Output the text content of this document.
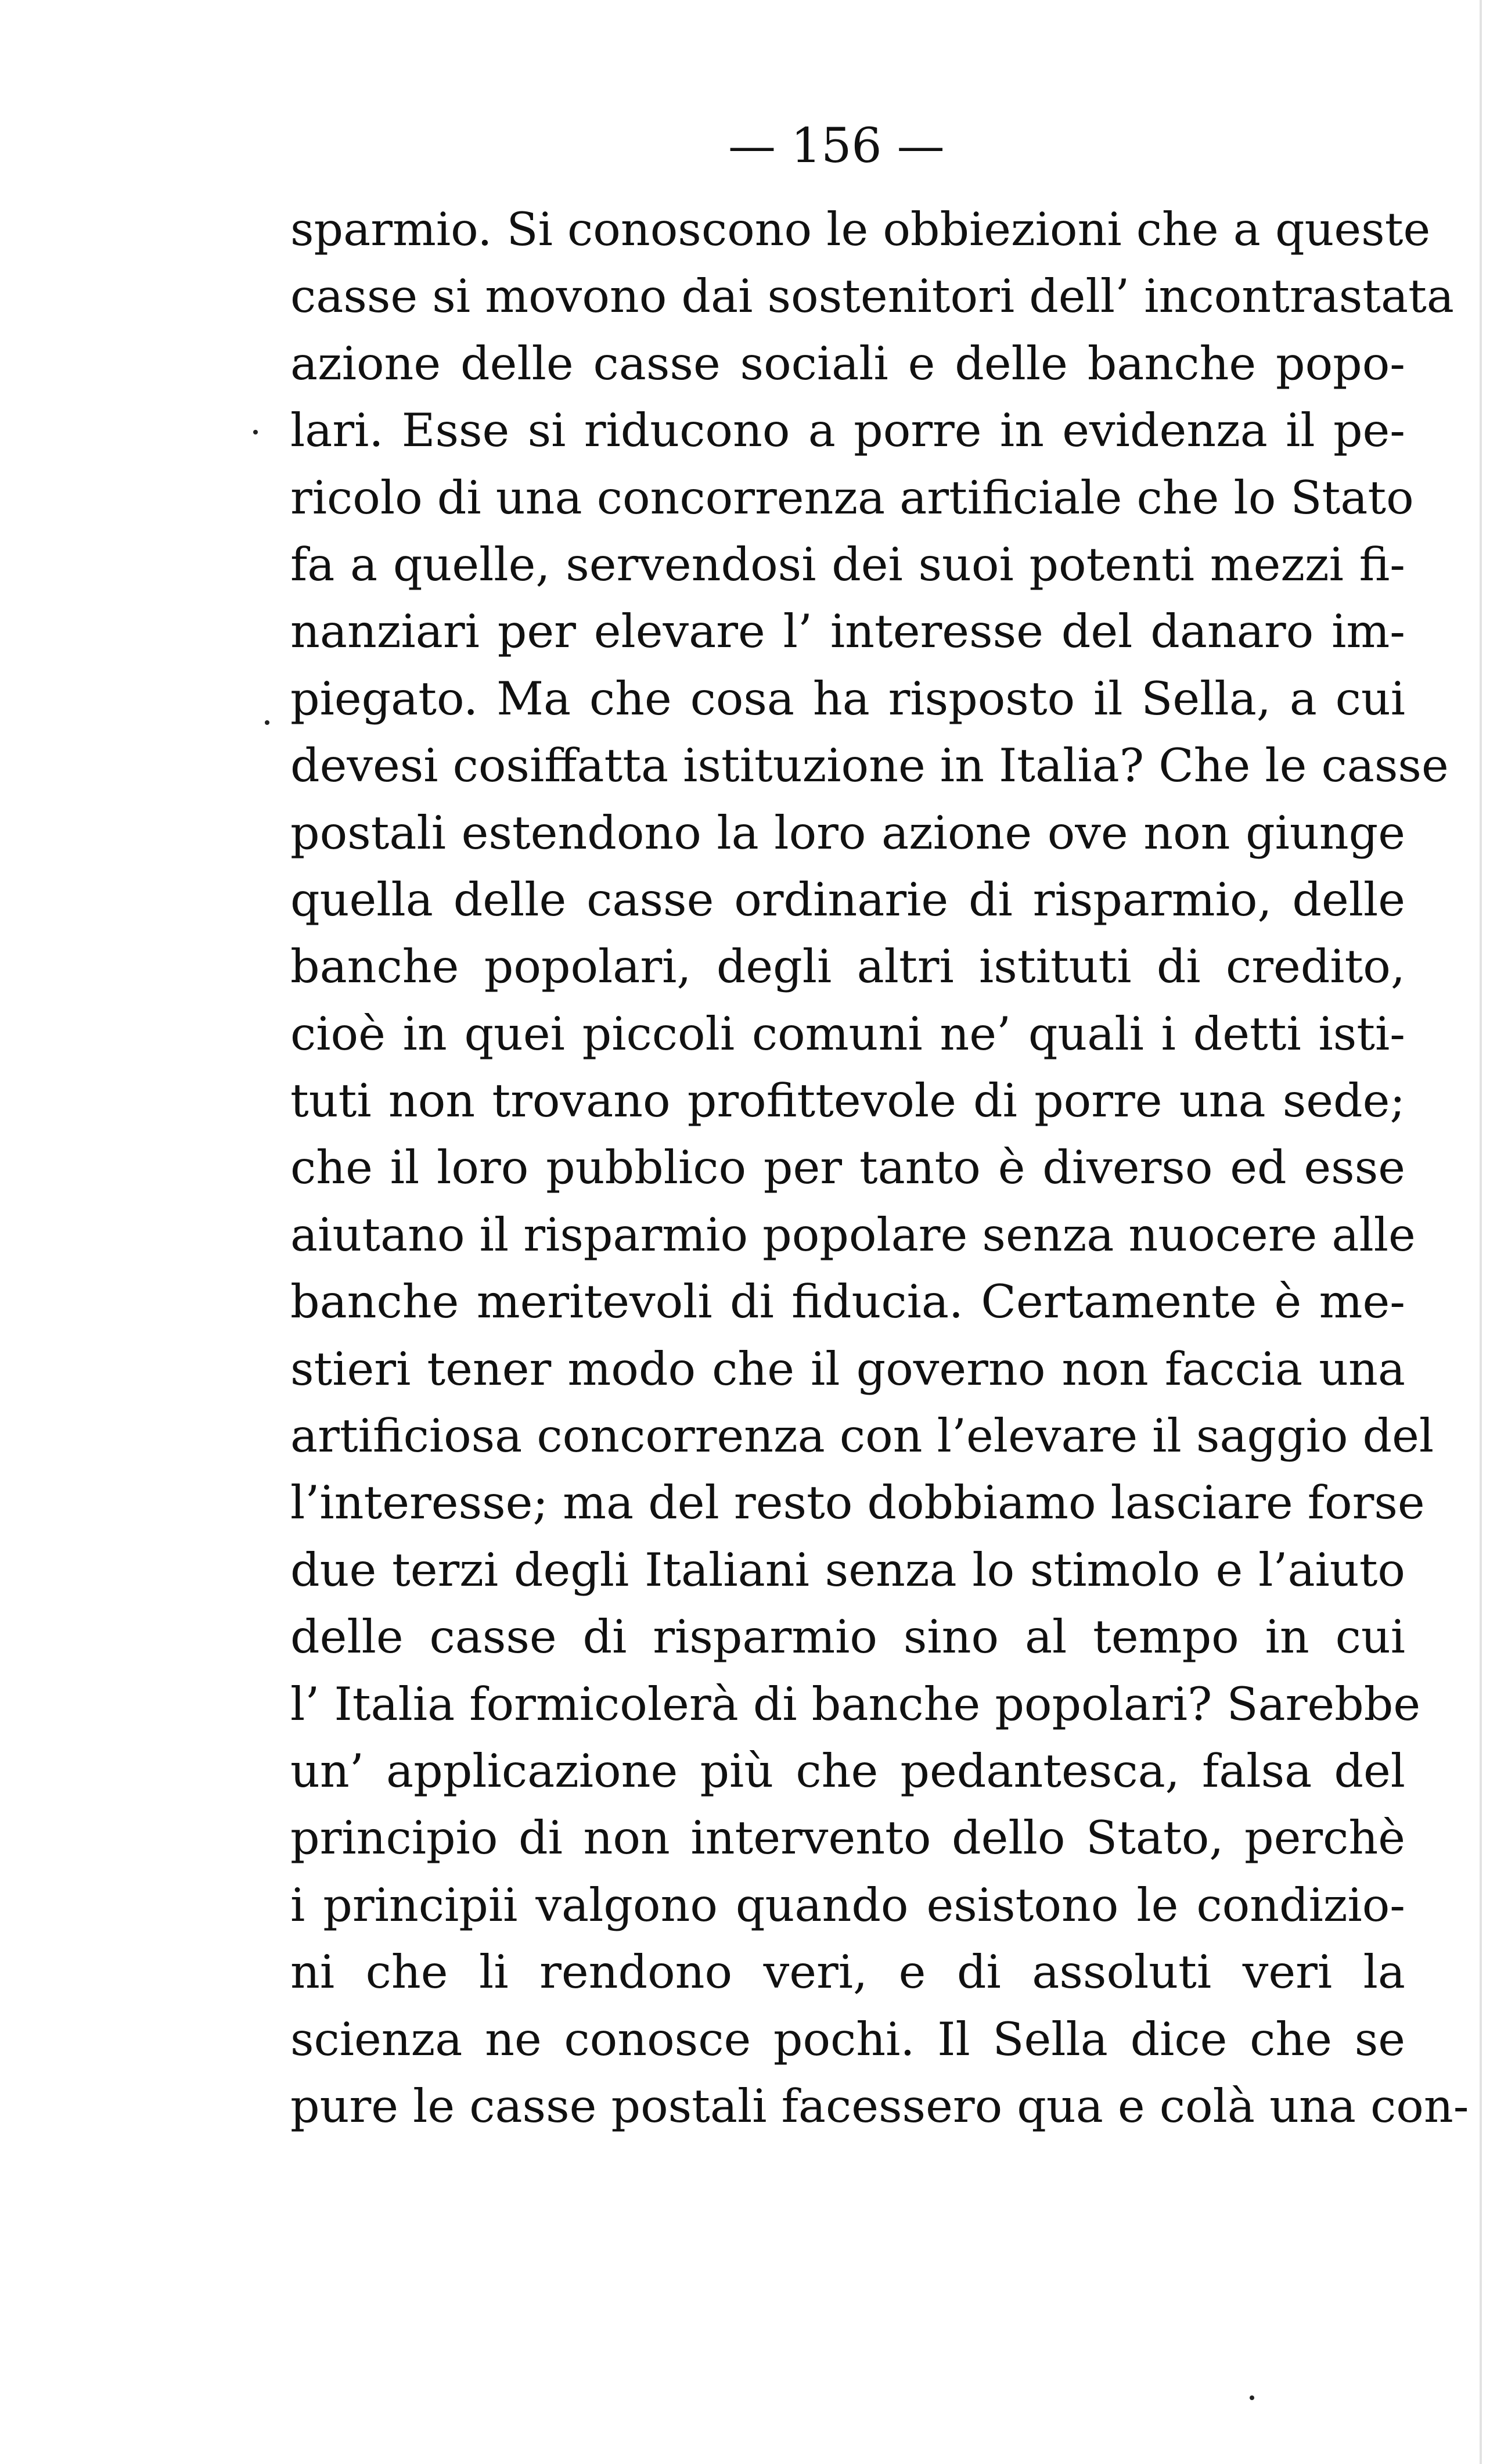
— 156 —
sparmio. Si conoscono le obbiezioni che a queste
casse si movono dai sostenitori dell’ incontrastata
azione delle casse sociali e delle banche popo-
lari. Esse si riducono a porre in evidenza il pe-
ricolo di una concorrenza artificiale che lo Stato
fa a quelle, servendosi dei suoi potenti mezzi fi-
nanziari per elevare l’ interesse del danaro im-
piegato. Ma che cosa ha risposto il Sella, a cui
devesi cosiffatta istituzione in Italia? Che le casse
postali estendono la loro azione ove non giunge
quella delle casse ordinarie di risparmio, delle
banche popolari, degli altri istituti di credito,
cioè in quei piccoli comuni ne’ quali i detti isti-
tuti non trovano profittevole di porre una sede;
che il loro pubblico per tanto è diverso ed esse
aiutano il risparmio popolare senza nuocere alle
banche meritevoli di fiducia. Certamente è me-
stieri tener modo che il governo non faccia una
artificiosa concorrenza con l’elevare il saggio del
l’interesse; ma del resto dobbiamo lasciare forse
due terzi degli Italiani senza lo stimolo e l’aiuto
delle casse di risparmio sino al tempo in cui
l’ Italia formicolerà di banche popolari? Sarebbe
un’ applicazione più che pedantesca, falsa del
principio di non intervento dello Stato, perchè
i principii valgono quando esistono le condizio-
ni che li rendono veri, e di assoluti veri la
scienza ne conosce pochi. Il Sella dice che se
pure le casse postali facessero qua e colà una con-
